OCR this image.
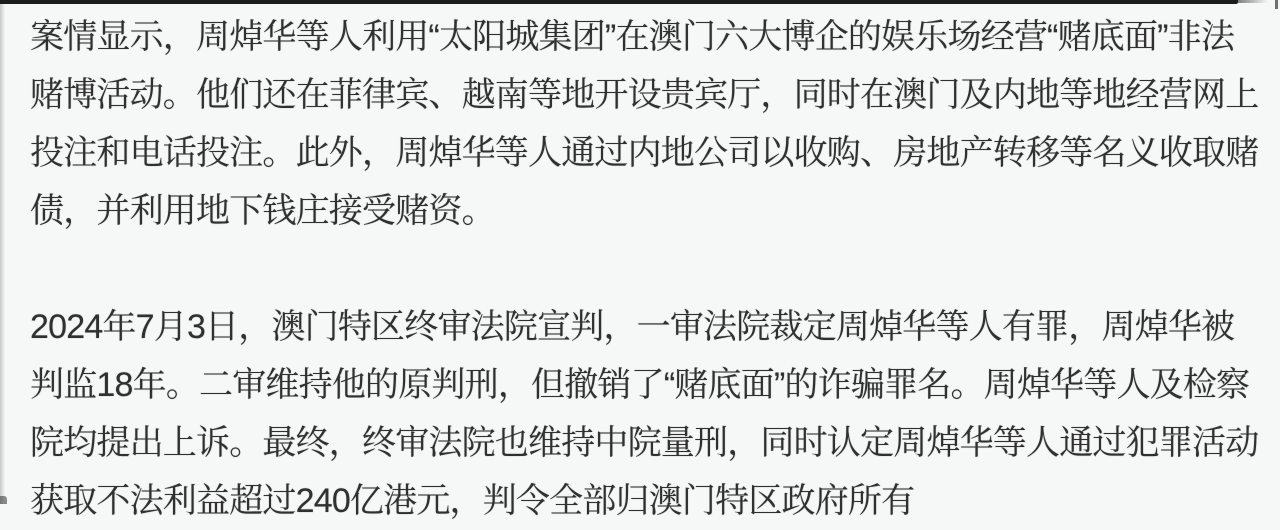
案情显示，周焯华等人利用“太阳城集团”在澳门六大博企的娱乐场经营“赌底面”非法
赌博活动。他们还在菲律宾、越南等地开设贵宾厅，同时在澳门及内地等地经营网上
投注和电话投注。此外，周焯华等人通过内地公司以收购、房地产转移等名义收取赌
债，并利用地下钱庄接受赌资。

2024年7月3日，澳门特区终审法院宣判，一审法院裁定周焯华等人有罪，周焯华被
判监18年。二审维持他的原判刑，但撤销了“赌底面”的诈骗罪名。周焯华等人及检察
院均提出上诉。最终，终审法院也维持中院量刑，同时认定周焯华等人通过犯罪活动
获取不法利益超过240亿港元，判令全部归澳门特区政府所有
